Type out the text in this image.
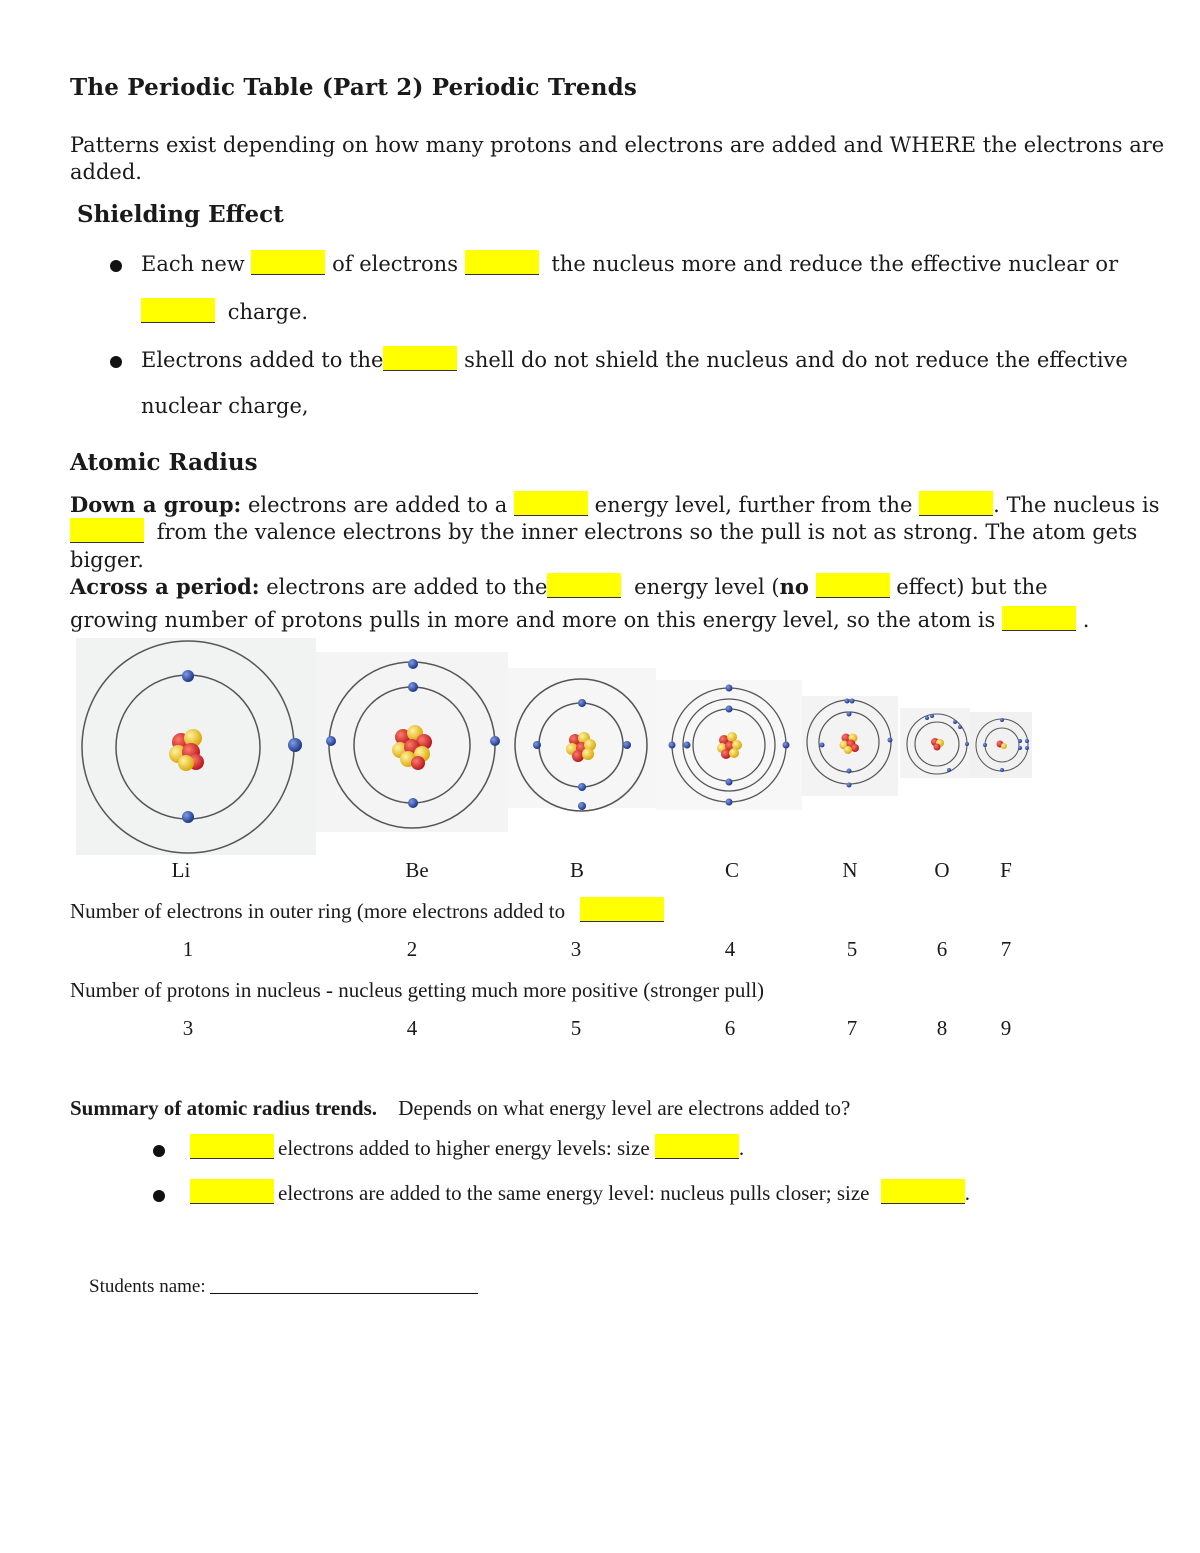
The Periodic Table (Part 2) Periodic Trends
Patterns exist depending on how many protons and electrons are added and WHERE the electrons are
added.
Shielding Effect
Each new	of electrons	the nucleus more and reduce the effective nuclear or
charge.
Electrons added to the	shell do not shield the nucleus and do not reduce the effective
nuclear charge,
Atomic Radius
Down a group: electrons are added to a	energy level, further from the	. The nucleus is
from the valence electrons by the inner electrons so the pull is not as strong. The atom gets
bigger.
Across a period: electrons are added to the	energy level (no	effect) but the
growing number of protons pulls in more and more on this energy level, so the atom is	.
Li	Be	B	C	N	O	F
Number of electrons in outer ring (more electrons added to
1	2	3	4	5	6	7
Number of protons in nucleus - nucleus getting much more positive (stronger pull)
3	4	5	6	7	8	9
Summary of atomic radius trends. Depends on what energy level are electrons added to?
electrons added to higher energy levels: size	.
electrons are added to the same energy level: nucleus pulls closer; size	.
Students name:
